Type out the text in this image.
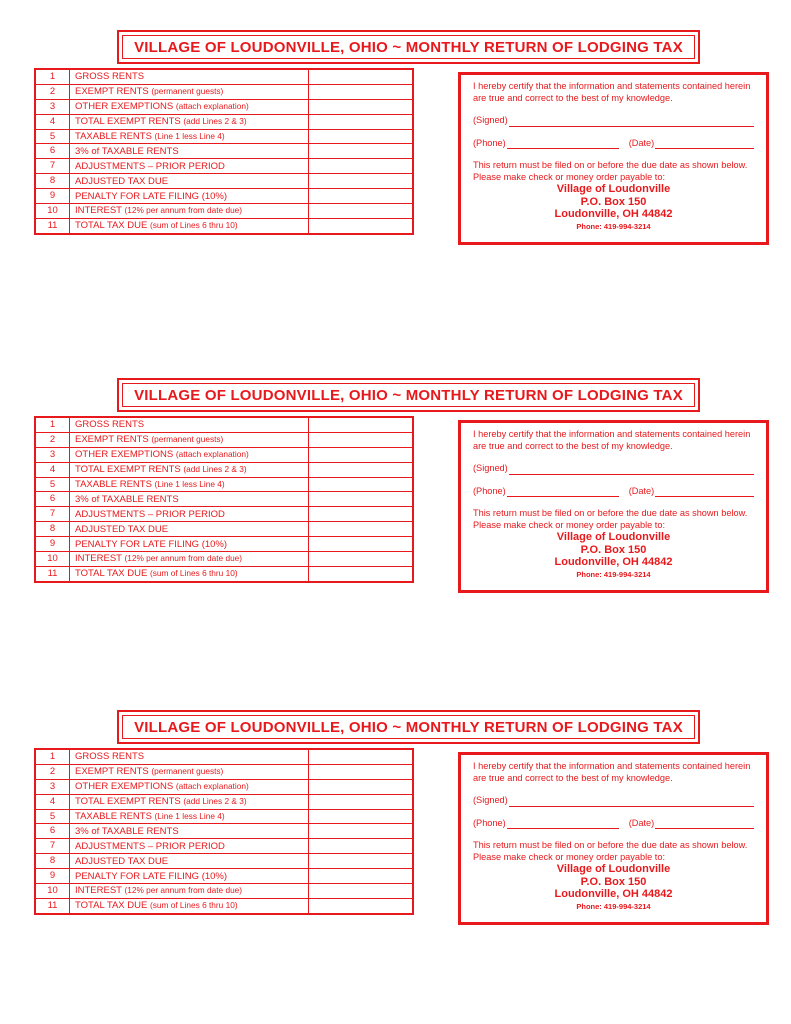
VILLAGE OF LOUDONVILLE, OHIO ~ MONTHLY RETURN OF LODGING TAX
1	GROSS RENTS	
2	EXEMPT RENTS (permanent guests)	
3	OTHER EXEMPTIONS (attach explanation)	
4	TOTAL EXEMPT RENTS (add Lines 2 & 3)	
5	TAXABLE RENTS (Line 1 less Line 4)	
6	3% of TAXABLE RENTS	
7	ADJUSTMENTS – PRIOR PERIOD	
8	ADJUSTED TAX DUE	
9	PENALTY FOR LATE FILING (10%)	
10	INTEREST (12% per annum from date due)	
11	TOTAL TAX DUE (sum of Lines 6 thru 10)	

I hereby certify that the information and statements contained herein are true and correct to the best of my knowledge.

(Signed)
(Phone)	(Date)

This return must be filed on or before the due date as shown below. Please make check or money order payable to:

Village of Loudonville
P.O. Box 150
Loudonville, OH 44842
Phone: 419-994-3214
VILLAGE OF LOUDONVILLE, OHIO ~ MONTHLY RETURN OF LODGING TAX
1	GROSS RENTS	
2	EXEMPT RENTS (permanent guests)	
3	OTHER EXEMPTIONS (attach explanation)	
4	TOTAL EXEMPT RENTS (add Lines 2 & 3)	
5	TAXABLE RENTS (Line 1 less Line 4)	
6	3% of TAXABLE RENTS	
7	ADJUSTMENTS – PRIOR PERIOD	
8	ADJUSTED TAX DUE	
9	PENALTY FOR LATE FILING (10%)	
10	INTEREST (12% per annum from date due)	
11	TOTAL TAX DUE (sum of Lines 6 thru 10)	

I hereby certify that the information and statements contained herein are true and correct to the best of my knowledge.

(Signed)
(Phone)	(Date)

This return must be filed on or before the due date as shown below. Please make check or money order payable to:

Village of Loudonville
P.O. Box 150
Loudonville, OH 44842
Phone: 419-994-3214
VILLAGE OF LOUDONVILLE, OHIO ~ MONTHLY RETURN OF LODGING TAX
1	GROSS RENTS	
2	EXEMPT RENTS (permanent guests)	
3	OTHER EXEMPTIONS (attach explanation)	
4	TOTAL EXEMPT RENTS (add Lines 2 & 3)	
5	TAXABLE RENTS (Line 1 less Line 4)	
6	3% of TAXABLE RENTS	
7	ADJUSTMENTS – PRIOR PERIOD	
8	ADJUSTED TAX DUE	
9	PENALTY FOR LATE FILING (10%)	
10	INTEREST (12% per annum from date due)	
11	TOTAL TAX DUE (sum of Lines 6 thru 10)	

I hereby certify that the information and statements contained herein are true and correct to the best of my knowledge.

(Signed)
(Phone)	(Date)

This return must be filed on or before the due date as shown below. Please make check or money order payable to:

Village of Loudonville
P.O. Box 150
Loudonville, OH 44842
Phone: 419-994-3214
